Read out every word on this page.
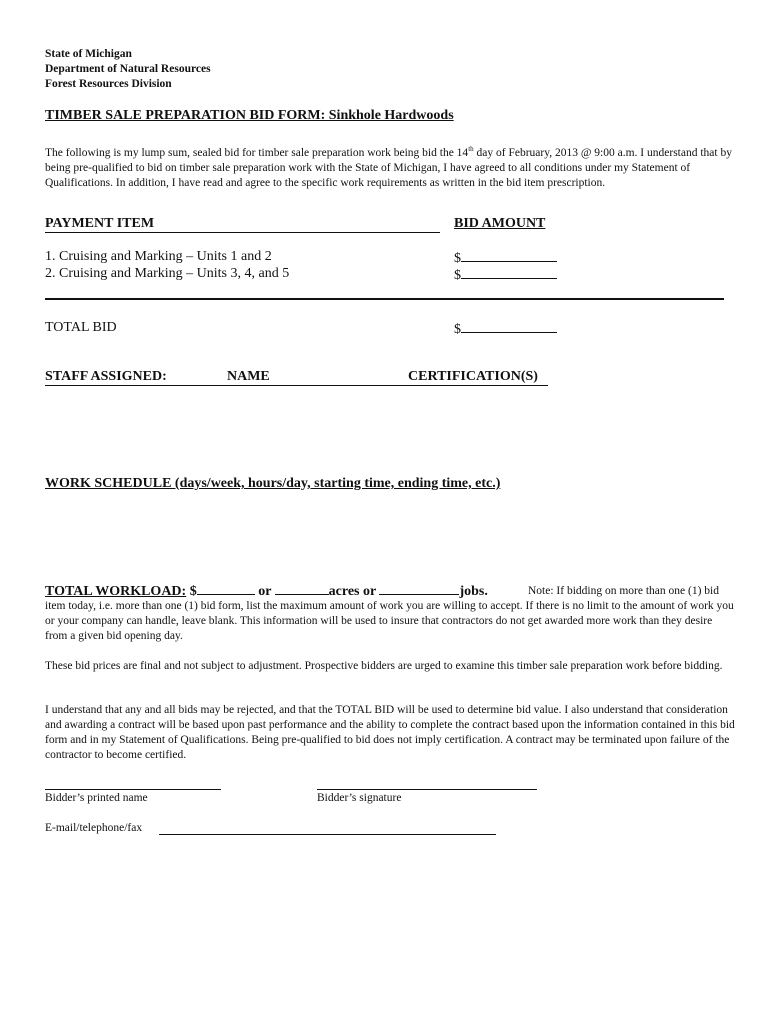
State of Michigan
Department of Natural Resources
Forest Resources Division
TIMBER SALE PREPARATION BID FORM: Sinkhole Hardwoods
The following is my lump sum, sealed bid for timber sale preparation work being bid the 14th day of February, 2013 @ 9:00 a.m. I understand that by being pre-qualified to bid on timber sale preparation work with the State of Michigan, I have agreed to all conditions under my Statement of Qualifications. In addition, I have read and agree to the specific work requirements as written in the bid item prescription.
PAYMENT ITEM	BID AMOUNT
1. Cruising and Marking – Units 1 and 2	$
2. Cruising and Marking – Units 3, 4, and 5	$
TOTAL BID	$
STAFF ASSIGNED:	NAME	CERTIFICATION(S)
WORK SCHEDULE (days/week, hours/day, starting time, ending time, etc.)
TOTAL WORKLOAD: $	or	acres or	jobs.	Note: If bidding on more than one (1) bid item today, i.e. more than one (1) bid form, list the maximum amount of work you are willing to accept. If there is no limit to the amount of work you or your company can handle, leave blank. This information will be used to insure that contractors do not get awarded more work than they desire from a given bid opening day.
These bid prices are final and not subject to adjustment. Prospective bidders are urged to examine this timber sale preparation work before bidding.
I understand that any and all bids may be rejected, and that the TOTAL BID will be used to determine bid value. I also understand that consideration and awarding a contract will be based upon past performance and the ability to complete the contract based upon the information contained in this bid form and in my Statement of Qualifications. Being pre-qualified to bid does not imply certification. A contract may be terminated upon failure of the contractor to become certified.
Bidder’s printed name	Bidder’s signature
E-mail/telephone/fax
